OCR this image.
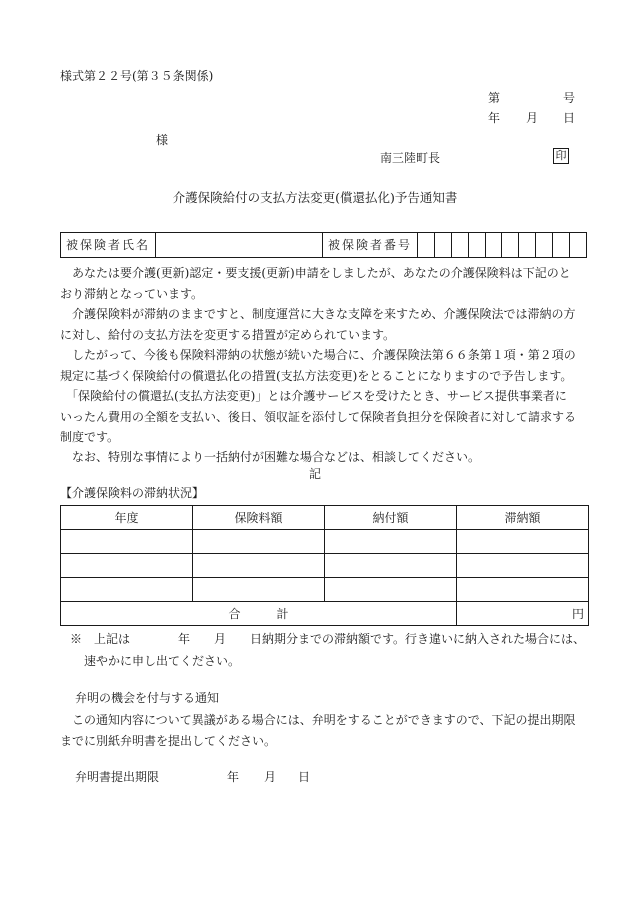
様式第２２号(第３５条関係)
第	号
年 月 日
様
南三陸町長	印
介護保険給付の支払方法変更(償還払化)予告通知書
被保険者氏名		被保険者番号										

　あなたは要介護(更新)認定・要支援(更新)申請をしましたが、あなたの介護保険料は下記のと

おり滞納となっています。

　介護保険料が滞納のままですと、制度運営に大きな支障を来すため、介護保険法では滞納の方

に対し、給付の支払方法を変更する措置が定められています。

　したがって、今後も保険料滞納の状態が続いた場合に、介護保険法第６６条第１項・第２項の

規定に基づく保険給付の償還払化の措置(支払方法変更)をとることになりますので予告します。

　「保険給付の償還払(支払方法変更)」とは介護サービスを受けたとき、サービス提供事業者に

いったん費用の全額を支払い、後日、領収証を添付して保険者負担分を保険者に対して請求する

制度です。

　なお、特別な事情により一括納付が困難な場合などは、相談してください。

記
【介護保険料の滞納状況】
年度	保険料額	納付額	滞納額

合　　　計			円

※　上記は　　　　年　　月　　日納期分までの滞納額です。行き違いに納入された場合には、

速やかに申し出てください。

弁明の機会を付与する通知

　この通知内容について異議がある場合には、弁明をすることができますので、下記の提出期限

までに別紙弁明書を提出してください。

弁明書提出期限	年 月 日
